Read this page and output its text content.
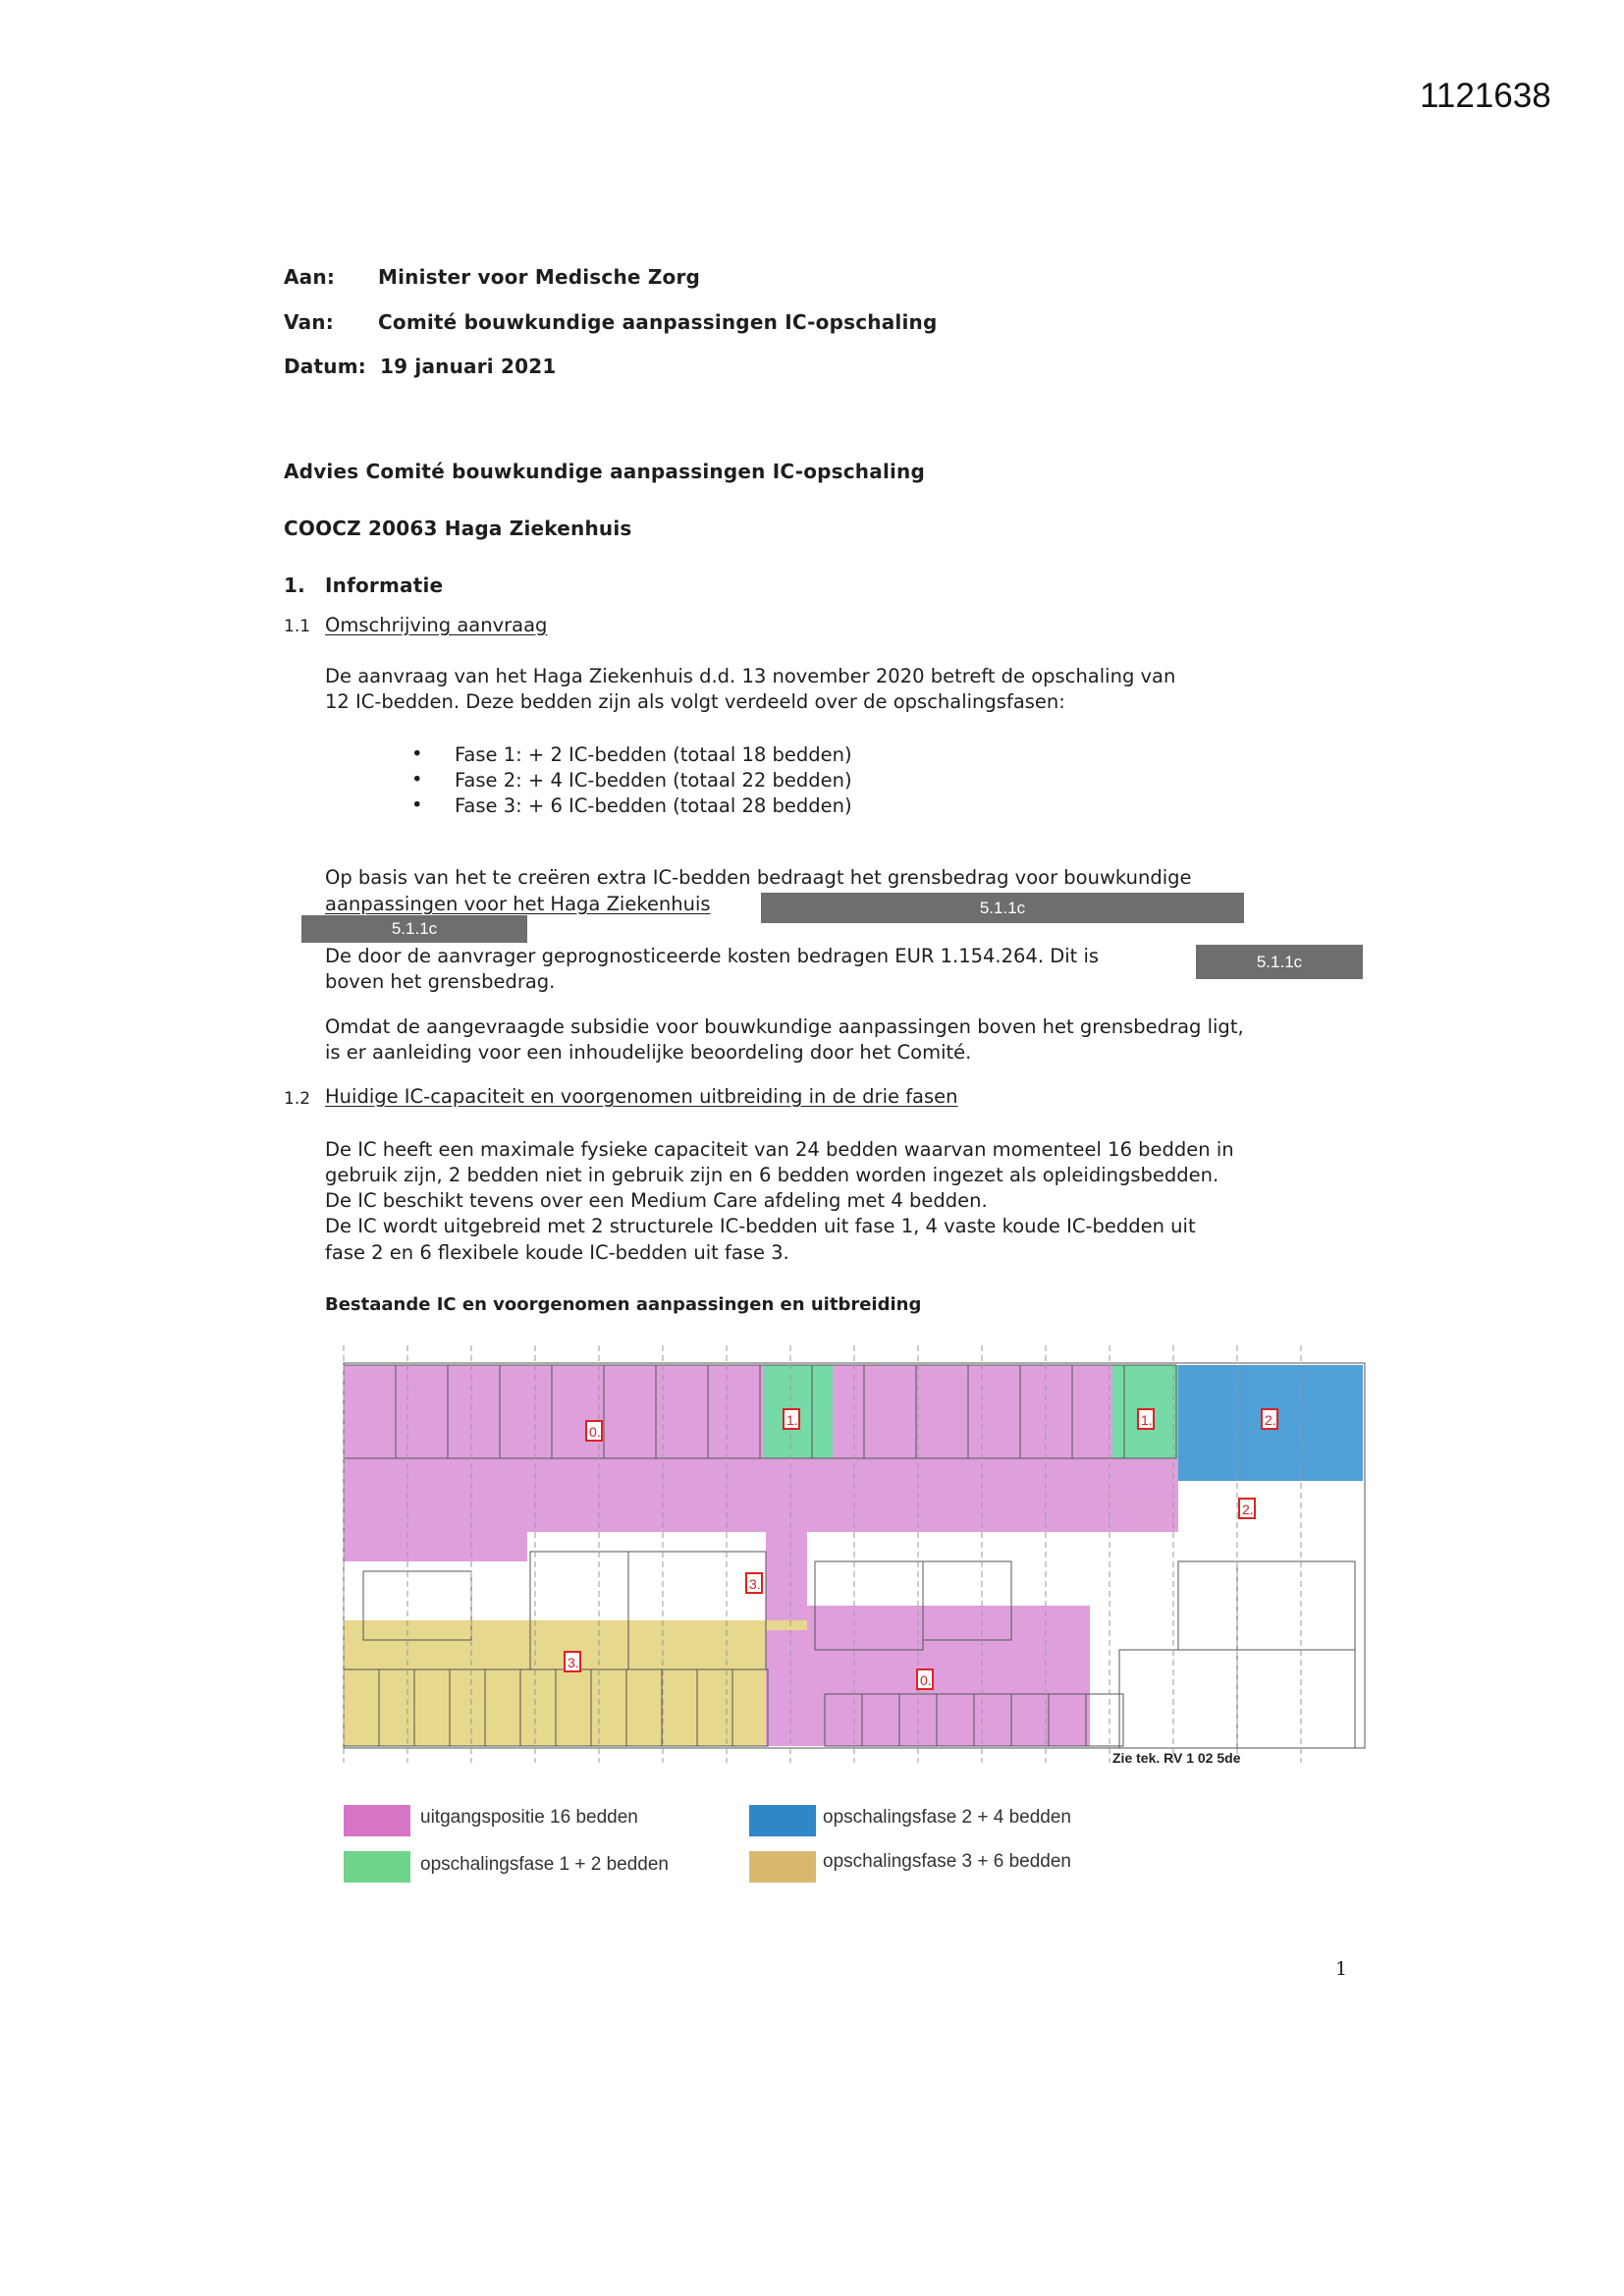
1121638
Aan: Minister voor Medische Zorg
Van: Comité bouwkundige aanpassingen IC-opschaling
Datum: 19 januari 2021
Advies Comité bouwkundige aanpassingen IC-opschaling
COOCZ 20063 Haga Ziekenhuis
1. Informatie
1.1 Omschrijving aanvraag
De aanvraag van het Haga Ziekenhuis d.d. 13 november 2020 betreft de opschaling van
12 IC-bedden. Deze bedden zijn als volgt verdeeld over de opschalingsfasen:
• Fase 1: + 2 IC-bedden (totaal 18 bedden)
• Fase 2: + 4 IC-bedden (totaal 22 bedden)
• Fase 3: + 6 IC-bedden (totaal 28 bedden)
Op basis van het te creëren extra IC-bedden bedraagt het grensbedrag voor bouwkundige
aanpassingen voor het Haga Ziekenhuis	5.1.1c
5.1.1c
De door de aanvrager geprognosticeerde kosten bedragen EUR 1.154.264. Dit is	5.1.1c
boven het grensbedrag.
Omdat de aangevraagde subsidie voor bouwkundige aanpassingen boven het grensbedrag ligt,
is er aanleiding voor een inhoudelijke beoordeling door het Comité.
1.2 Huidige IC-capaciteit en voorgenomen uitbreiding in de drie fasen
De IC heeft een maximale fysieke capaciteit van 24 bedden waarvan momenteel 16 bedden in
gebruik zijn, 2 bedden niet in gebruik zijn en 6 bedden worden ingezet als opleidingsbedden.
De IC beschikt tevens over een Medium Care afdeling met 4 bedden.
De IC wordt uitgebreid met 2 structurele IC-bedden uit fase 1, 4 vaste koude IC-bedden uit
fase 2 en 6 flexibele koude IC-bedden uit fase 3.
Bestaande IC en voorgenomen aanpassingen en uitbreiding
0.
1.	1.	2.
2.
3.
3.
0.
Zie tek. RV 1 02 5de
uitgangspositie 16 bedden
opschalingsfase 1 + 2 bedden
opschalingsfase 2 + 4 bedden
opschalingsfase 3 + 6 bedden
1
